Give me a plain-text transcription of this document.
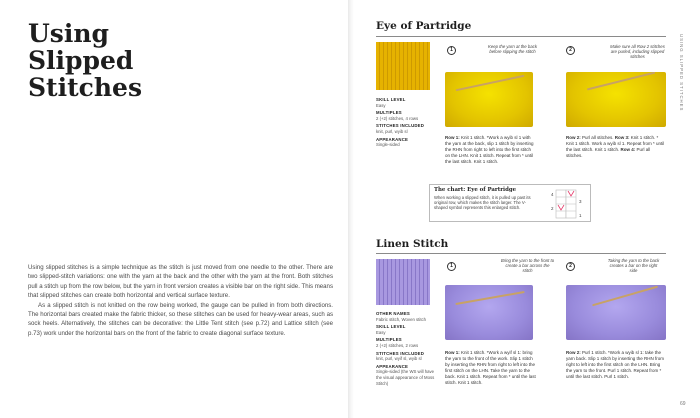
Using
Slipped
Stitches

Using slipped stitches is a simple technique as the stitch is just moved from one needle to the other. There are two slipped-stitch variations: one with the yarn at the back and the other with the yarn at the front. Both stitches pull a stitch up from the row below, but the yarn in front version creates a visible bar on the right side. This means that slipped stitches can create both horizontal and vertical surface texture.

As a slipped stitch is not knitted on the row being worked, the gauge can be pulled in from both directions. The horizontal bars created make the fabric thicker, so these stitches can be used for heavy-wear areas, such as sock heels. Alternatively, the stitches can be decorative: the Little Tent stitch (see p.72) and Lattice stitch (see p.73) work under the horizontal bars on the front of the fabric to create diagonal surface texture.

USING SLIPPED STITCHES
69
Eye of Partridge
SKILL LEVEL
Easy
MULTIPLES
2 (+2) stitches, 4 rows
STITCHES INCLUDED
knit, purl, wyib sl
APPEARANCE
Single-sided
1
Keep the yarn at the back before slipping the stitch
Row 1: Knit 1 stitch. *Work a wyib sl 1 with the yarn at the back, slip 1 stitch by inserting the RHN from right to left into the first stitch on the LHN. Knit 1 stitch. Repeat from * until the last stitch. Knit 1 stitch.
2
Make sure all Row 2 stitches are purled, including slipped stitches
Row 2: Purl all stitches. Row 3: Knit 1 stitch. * Knit 1 stitch. Work a wyib sl 1. Repeat from * until the last stitch. Knit 1 stitch. Row 4: Purl all stitches.
The chart: Eye of Partridge
When working a slipped stitch, it is pulled up past its original row, which makes the stitch larger. The V-shaped symbol represents this enlarged stitch.
4
3
2
1
Linen Stitch
OTHER NAMES
Fabric stitch, Woven stitch
SKILL LEVEL
Easy
MULTIPLES
2 (+2) stitches, 2 rows
STITCHES INCLUDED
knit, purl, wyif sl, wyib sl
APPEARANCE
Single-sided (the WS will have the visual appearance of Moss Stitch)
1
Bring the yarn to the front to create a bar across the stitch
Row 1: Knit 1 stitch. *Work a wyif sl 1: bring the yarn to the front of the work. Slip 1 stitch by inserting the RHN from right to left into the first stitch on the LHN. Take the yarn to the back. Knit 1 stitch. Repeat from * until the last stitch. Knit 1 stitch.
2
Taking the yarn to the back creates a bar on the right side
Row 2: Purl 1 stitch. *Work a wyib sl 1: take the yarn back. Slip 1 stitch by inserting the RHN from right to left into the first stitch on the LHN. Bring the yarn to the front. Purl 1 stitch. Repeat from * until the last stitch. Purl 1 stitch.
